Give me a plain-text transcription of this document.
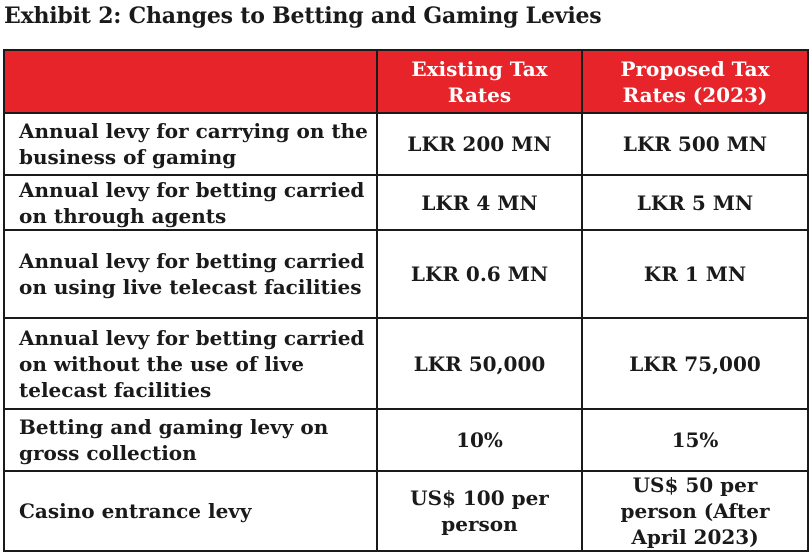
Exhibit 2: Changes to Betting and Gaming Levies
	Existing Tax Rates	Proposed Tax Rates (2023)
Annual levy for carrying on the business of gaming	LKR 200 MN	LKR 500 MN
Annual levy for betting carried on through agents	LKR 4 MN	LKR 5 MN
Annual levy for betting carried on using live telecast facilities	LKR 0.6 MN	KR 1 MN
Annual levy for betting carried on without the use of live telecast facilities	LKR 50,000	LKR 75,000
Betting and gaming levy on gross collection	10%	15%
Casino entrance levy	US$ 100 per person	US$ 50 per person (After April 2023)
